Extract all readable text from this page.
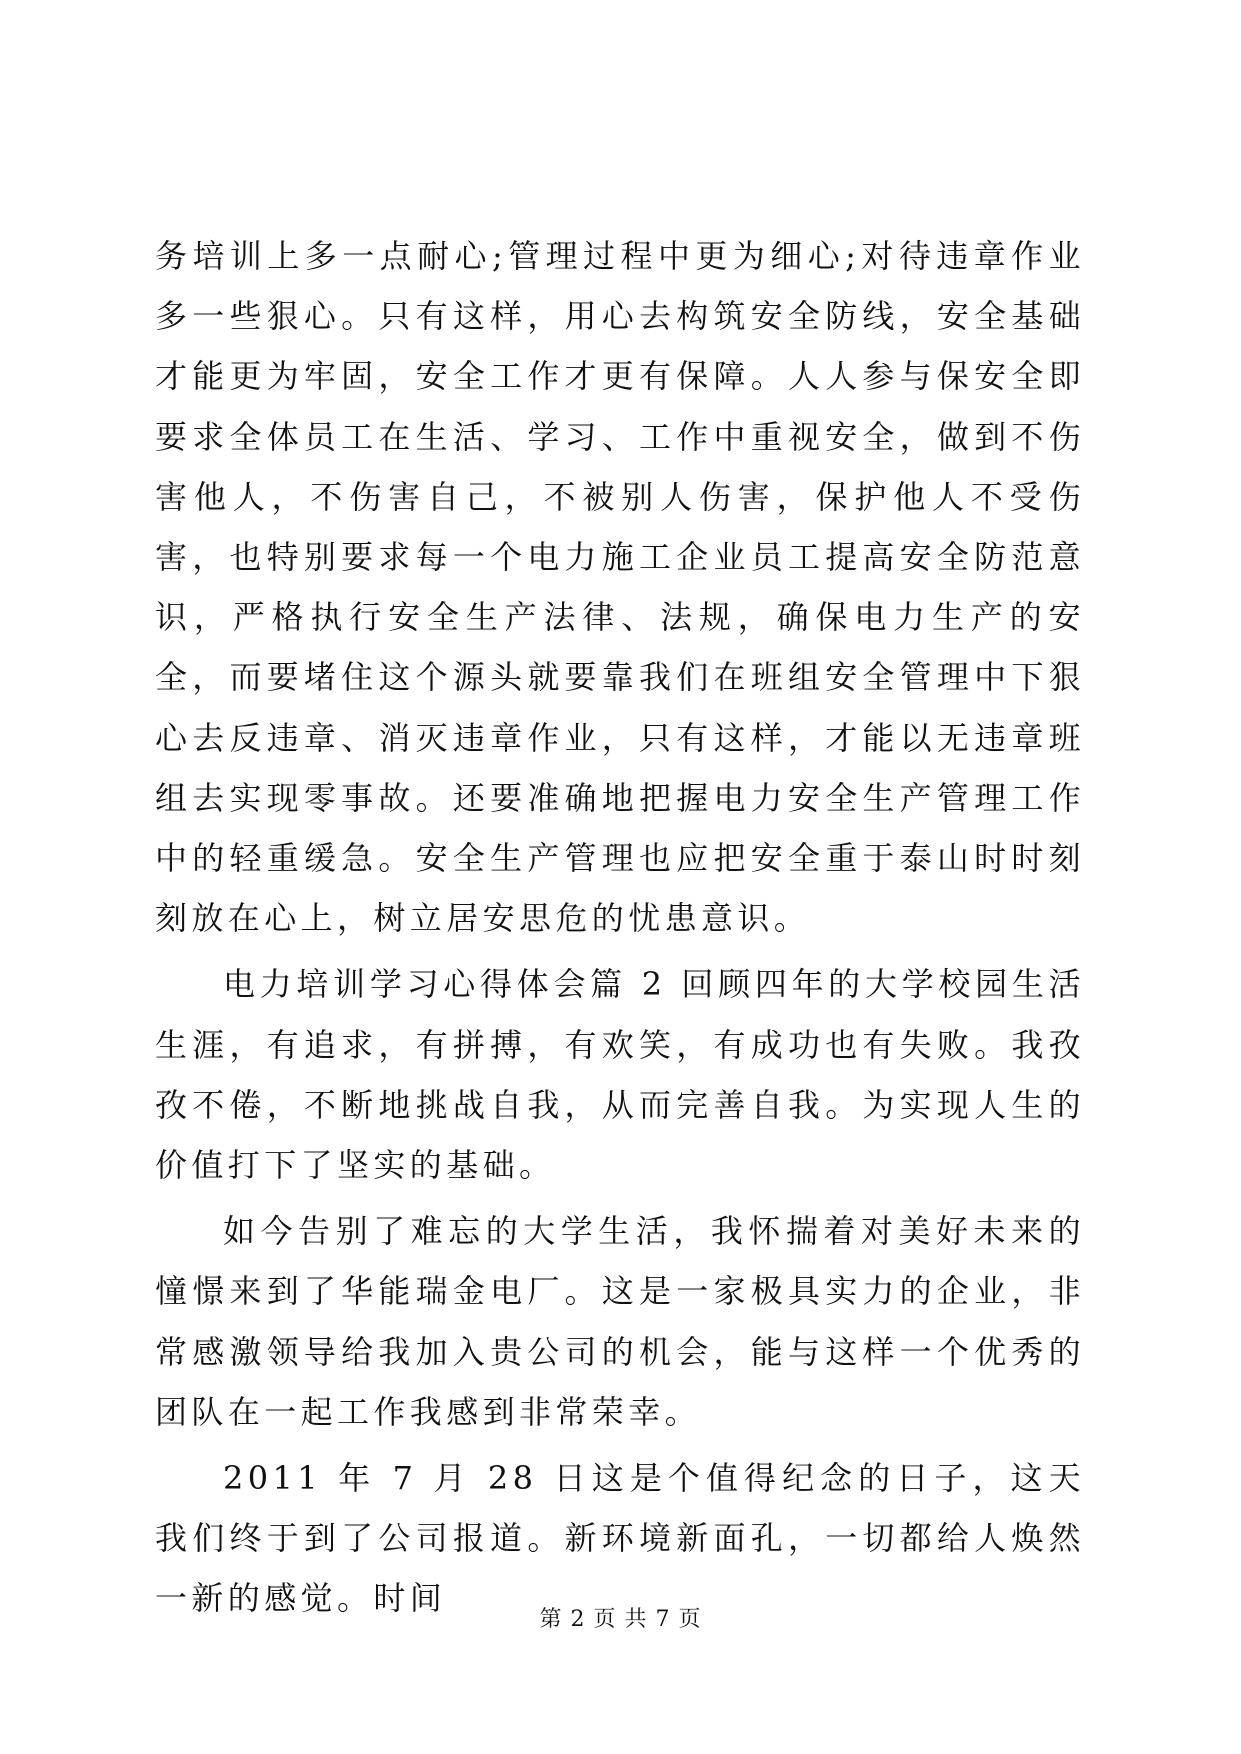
务培训上多一点耐心;管理过程中更为细心;对待违章作业多一些狠心。只有这样，用心去构筑安全防线，安全基础才能更为牢固，安全工作才更有保障。人人参与保安全即要求全体员工在生活、学习、工作中重视安全，做到不伤害他人，不伤害自己，不被别人伤害，保护他人不受伤害，也特别要求每一个电力施工企业员工提高安全防范意识，严格执行安全生产法律、法规，确保电力生产的安全，而要堵住这个源头就要靠我们在班组安全管理中下狠心去反违章、消灭违章作业，只有这样，才能以无违章班组去实现零事故。还要准确地把握电力安全生产管理工作中的轻重缓急。安全生产管理也应把安全重于泰山时时刻刻放在心上，树立居安思危的忧患意识。

电力培训学习心得体会篇 2 回顾四年的大学校园生活生涯，有追求，有拼搏，有欢笑，有成功也有失败。我孜孜不倦，不断地挑战自我，从而完善自我。为实现人生的价值打下了坚实的基础。

如今告别了难忘的大学生活，我怀揣着对美好未来的憧憬来到了华能瑞金电厂。这是一家极具实力的企业，非常感激领导给我加入贵公司的机会，能与这样一个优秀的团队在一起工作我感到非常荣幸。

2011 年 7 月 28 日这是个值得纪念的日子，这天我们终于到了公司报道。新环境新面孔，一切都给人焕然一新的感觉。时间

第 2 页 共 7 页
